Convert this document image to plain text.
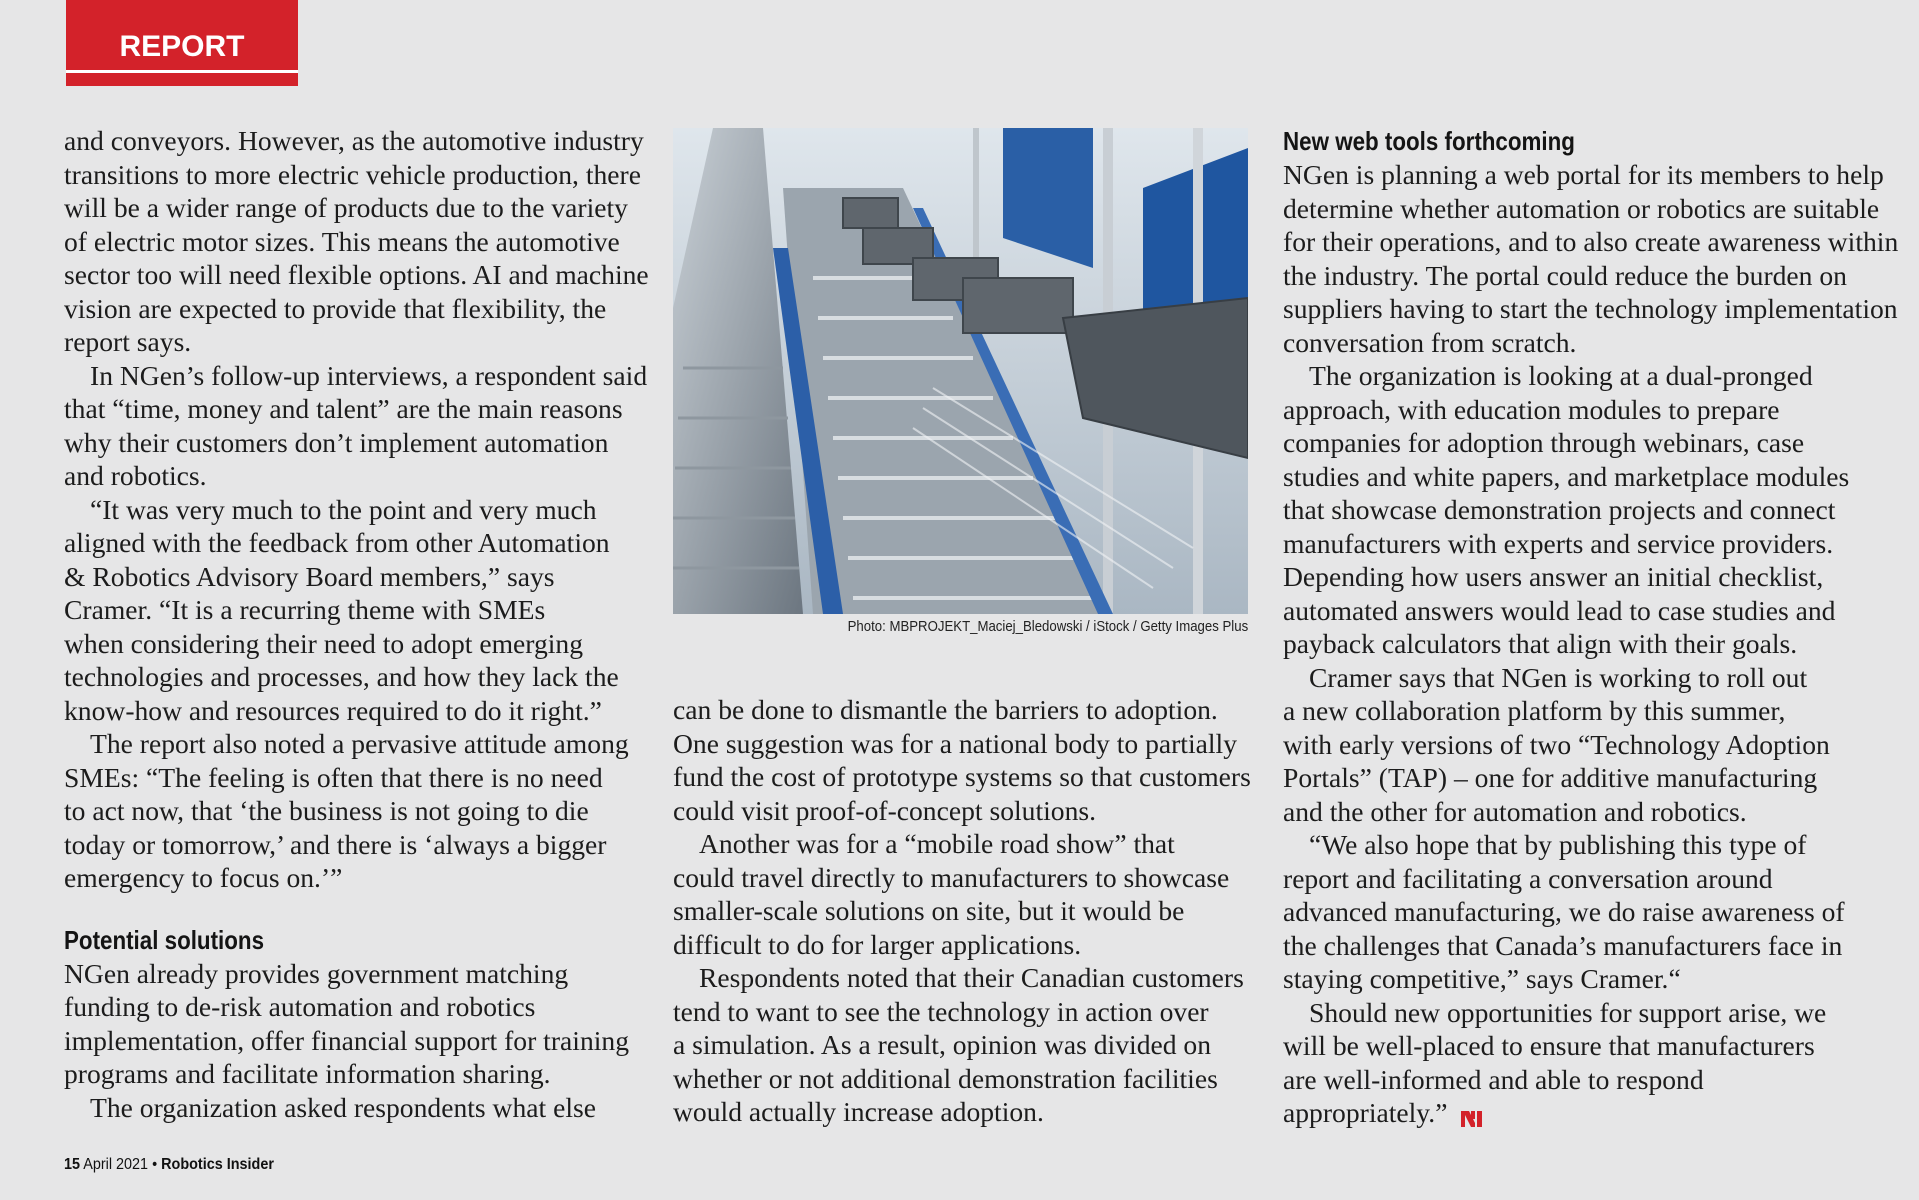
REPORT
and conveyors. However, as the automotive industry
transitions to more electric vehicle production, there
will be a wider range of products due to the variety
of electric motor sizes. This means the automotive
sector too will need flexible options. AI and machine
vision are expected to provide that flexibility, the
report says.
In NGen’s follow-up interviews, a respondent said
that “time, money and talent” are the main reasons
why their customers don’t implement automation
and robotics.
“It was very much to the point and very much
aligned with the feedback from other Automation
& Robotics Advisory Board members,” says
Cramer. “It is a recurring theme with SMEs
when considering their need to adopt emerging
technologies and processes, and how they lack the
know-how and resources required to do it right.”
The report also noted a pervasive attitude among
SMEs: “The feeling is often that there is no need
to act now, that ‘the business is not going to die
today or tomorrow,’ and there is ‘always a bigger
emergency to focus on.’”
Potential solutions
NGen already provides government matching
funding to de-risk automation and robotics
implementation, offer financial support for training
programs and facilitate information sharing.
The organization asked respondents what else
Photo: MBPROJEKT_Maciej_Bledowski / iStock / Getty Images Plus
can be done to dismantle the barriers to adoption.
One suggestion was for a national body to partially
fund the cost of prototype systems so that customers
could visit proof-of-concept solutions.
Another was for a “mobile road show” that
could travel directly to manufacturers to showcase
smaller-scale solutions on site, but it would be
difficult to do for larger applications.
Respondents noted that their Canadian customers
tend to want to see the technology in action over
a simulation. As a result, opinion was divided on
whether or not additional demonstration facilities
would actually increase adoption.
New web tools forthcoming
NGen is planning a web portal for its members to help
determine whether automation or robotics are suitable
for their operations, and to also create awareness within
the industry. The portal could reduce the burden on
suppliers having to start the technology implementation
conversation from scratch.
The organization is looking at a dual-pronged
approach, with education modules to prepare
companies for adoption through webinars, case
studies and white papers, and marketplace modules
that showcase demonstration projects and connect
manufacturers with experts and service providers.
Depending how users answer an initial checklist,
automated answers would lead to case studies and
payback calculators that align with their goals.
Cramer says that NGen is working to roll out
a new collaboration platform by this summer,
with early versions of two “Technology Adoption
Portals” (TAP) – one for additive manufacturing
and the other for automation and robotics.
“We also hope that by publishing this type of
report and facilitating a conversation around
advanced manufacturing, we do raise awareness of
the challenges that Canada’s manufacturers face in
staying competitive,” says Cramer.“
Should new opportunities for support arise, we
will be well-placed to ensure that manufacturers
are well-informed and able to respond
appropriately.”
15 April 2021 • Robotics Insider
